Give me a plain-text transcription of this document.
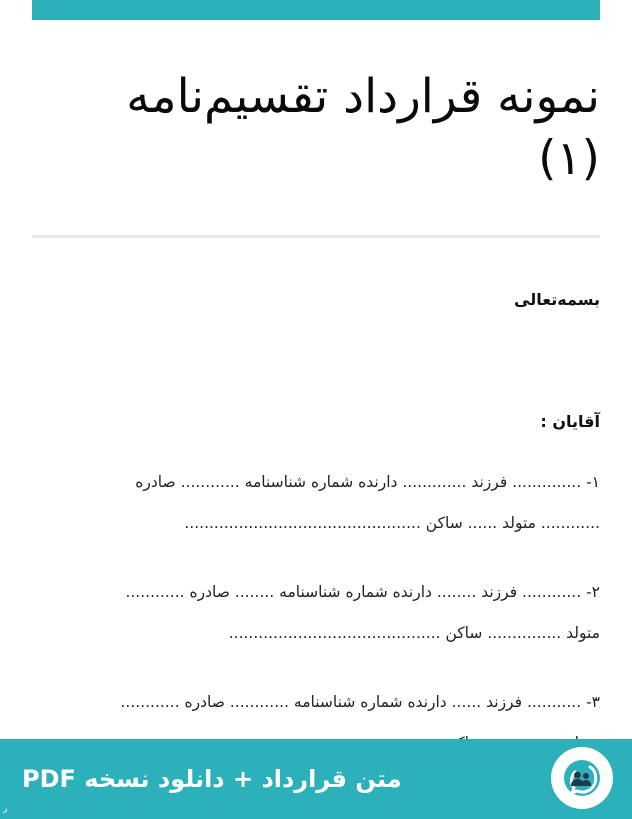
نمونه قرارداد تقسیم‌نامه
(۱)
بسمه‌تعالی
آقایان :
۱- .............. فرزند ............. دارنده شماره شناسنامه ............ صادره
............ متولد ...... ساکن ................................................
۲- ............ فرزند ........ دارنده شماره شناسنامه ........ صادره ............
متولد ............... ساکن ...........................................
۳- ........... فرزند ...... دارنده شماره شناسنامه ............ صادره ............
متن قرارداد + دانلود نسخه PDF
ر
